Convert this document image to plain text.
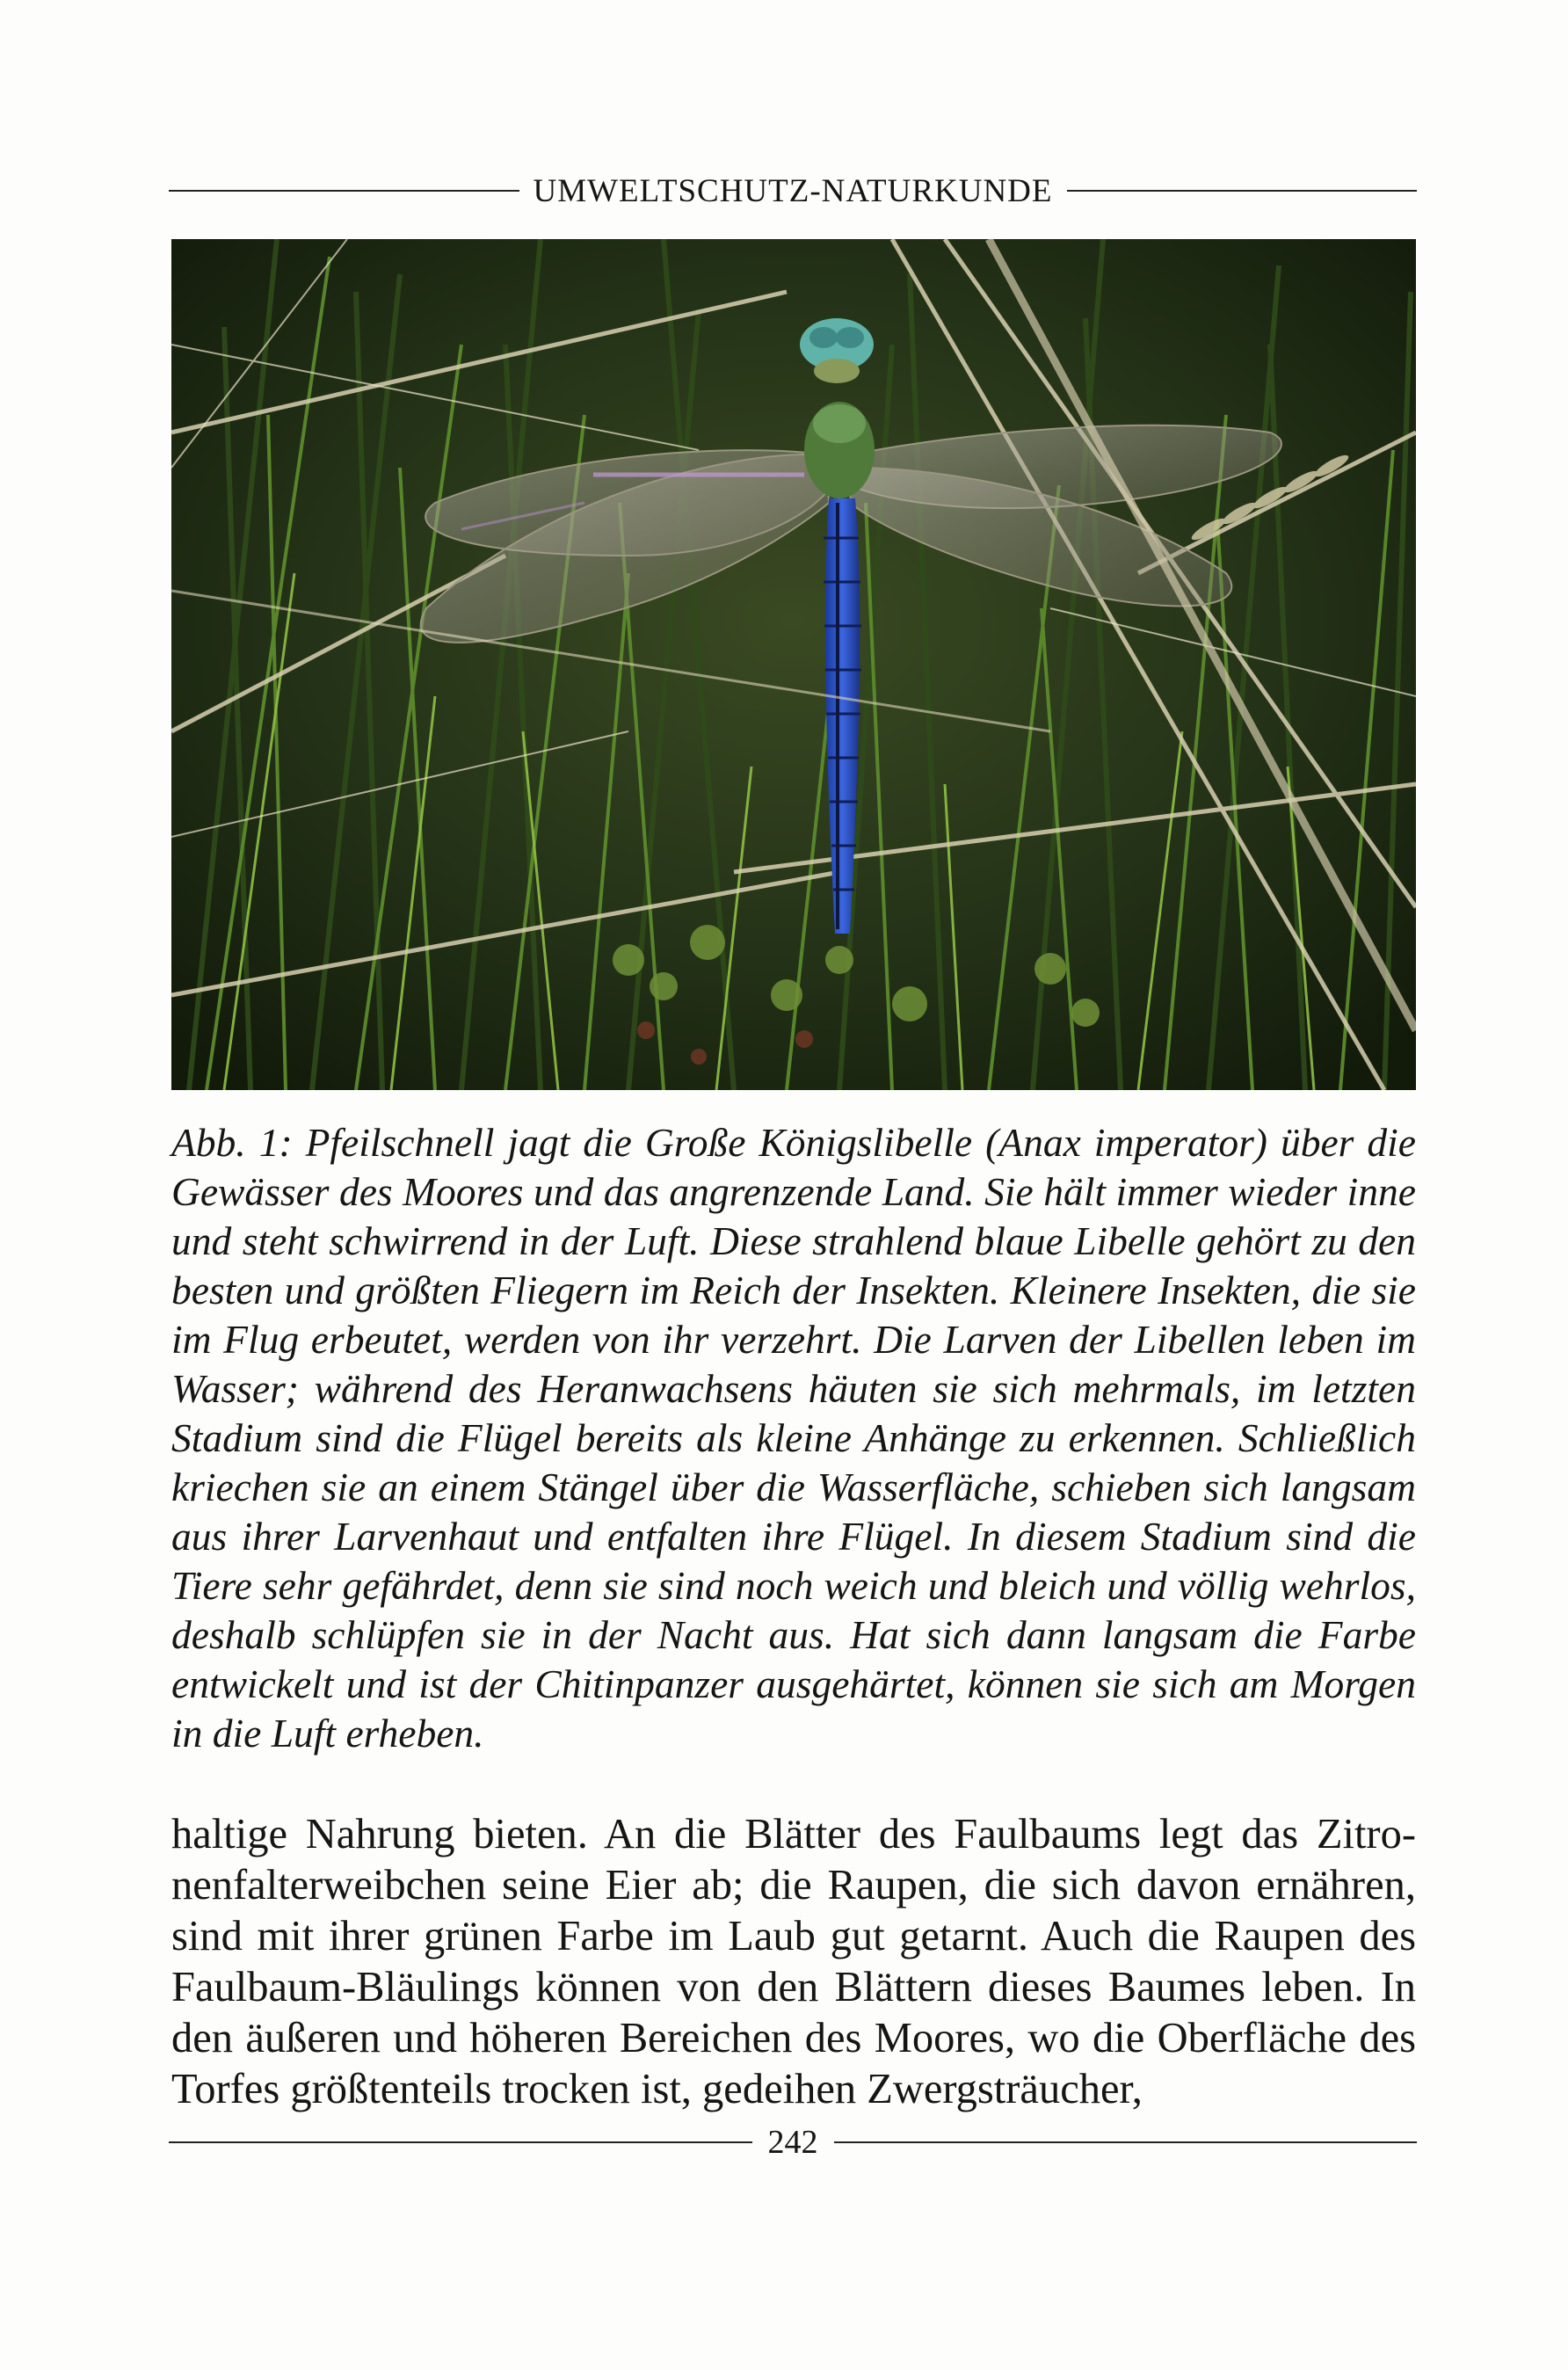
UMWELTSCHUTZ-NATURKUNDE

Abb. 1: Pfeilschnell jagt die Große Königslibelle (Anax imperator) über die Gewässer des Moores und das angrenzende Land. Sie hält immer wieder inne und steht schwirrend in der Luft. Diese strahlend blaue Libelle gehört zu den besten und größten Fliegern im Reich der Insekten. Kleinere Insekten, die sie im Flug erbeutet, werden von ihr verzehrt. Die Larven der Libellen leben im Wasser; während des Heranwachsens häuten sie sich mehrmals, im letzten Stadium sind die Flügel bereits als kleine Anhänge zu erkennen. Schließlich kriechen sie an einem Stängel über die Wasserfläche, schieben sich langsam aus ihrer Larvenhaut und entfalten ihre Flügel. In diesem Stadium sind die Tiere sehr gefährdet, denn sie sind noch weich und bleich und völlig wehrlos, deshalb schlüpfen sie in der Nacht aus. Hat sich dann langsam die Farbe entwickelt und ist der Chitinpanzer ausgehärtet, können sie sich am Morgen in die Luft erheben.

haltige Nahrung bieten. An die Blätter des Faulbaums legt das Zitronenfalterweibchen seine Eier ab; die Raupen, die sich davon ernähren, sind mit ihrer grünen Farbe im Laub gut getarnt. Auch die Raupen des Faulbaum-Bläulings können von den Blättern dieses Baumes leben. In den äußeren und höheren Bereichen des Moores, wo die Oberfläche des Torfes größtenteils trocken ist, gedeihen Zwergsträucher,

242
